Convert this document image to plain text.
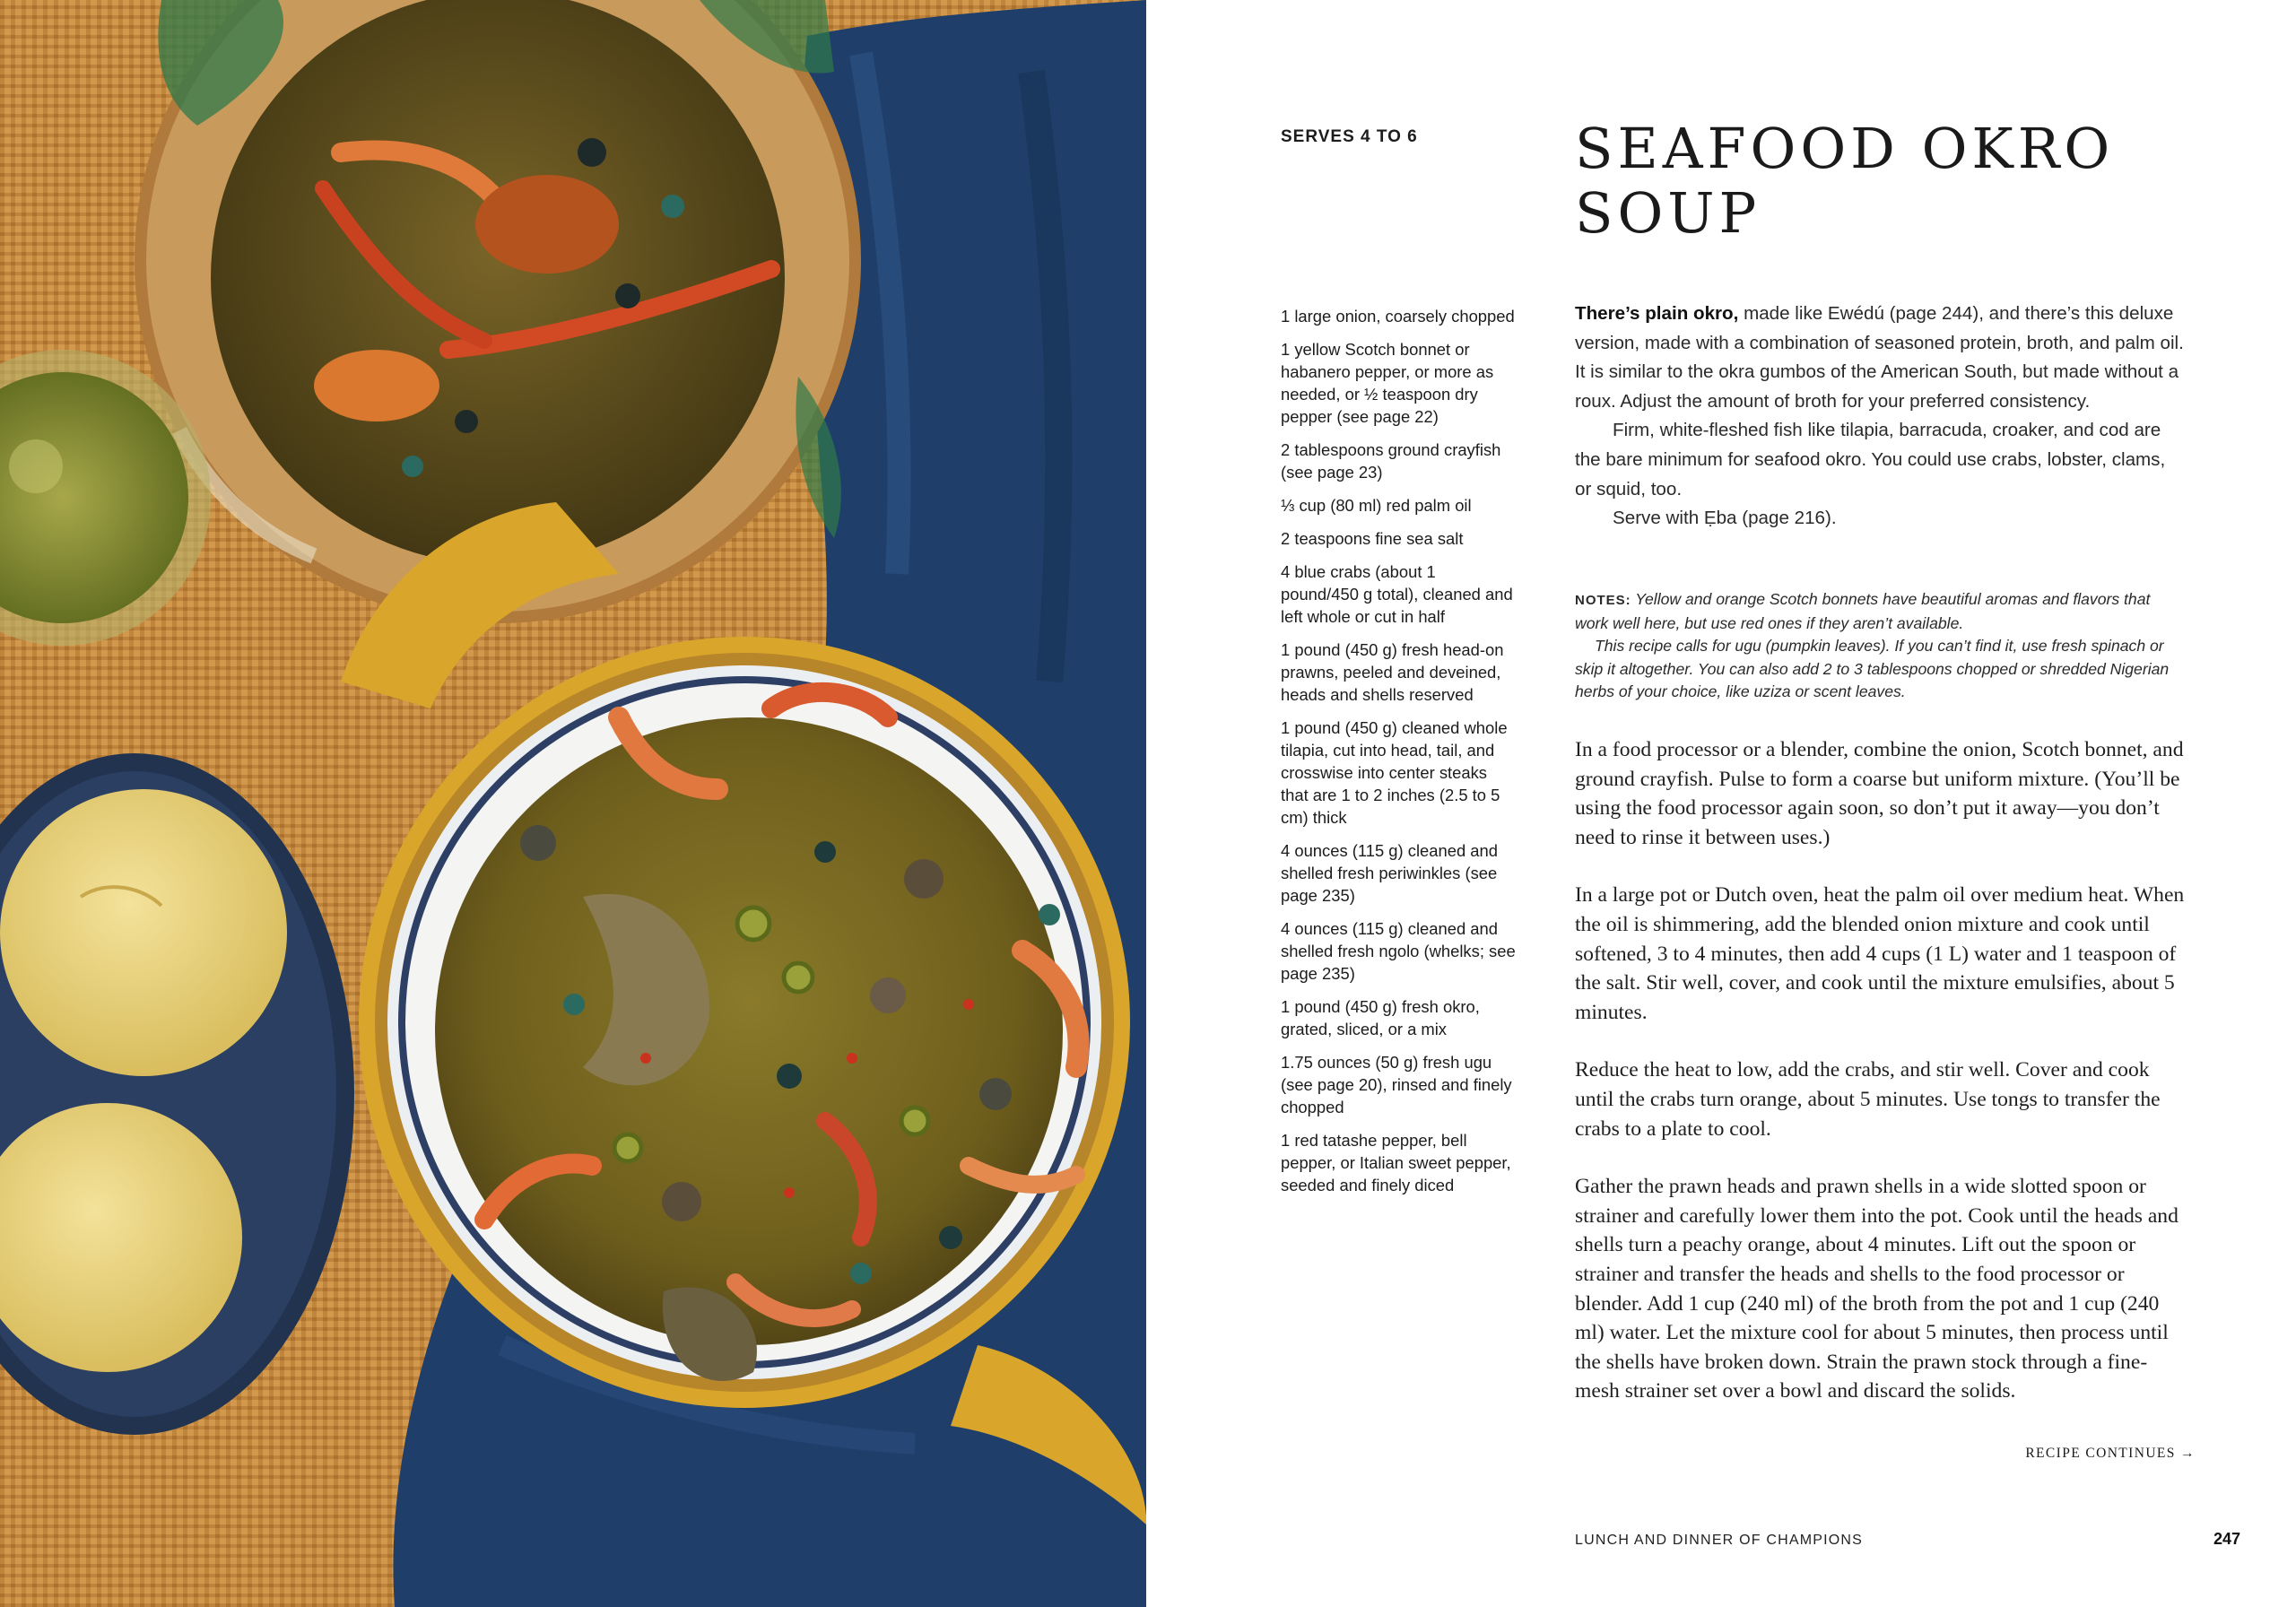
SERVES 4 TO 6	SEAFOOD OKRO SOUP
1 large onion, coarsely chopped
1 yellow Scotch bonnet or habanero pepper, or more as needed, or ½ teaspoon dry pepper (see page 22)
2 tablespoons ground crayfish (see page 23)
⅓ cup (80 ml) red palm oil
2 teaspoons fine sea salt
4 blue crabs (about 1 pound/450 g total), cleaned and left whole or cut in half
1 pound (450 g) fresh head-on prawns, peeled and deveined, heads and shells reserved
1 pound (450 g) cleaned whole tilapia, cut into head, tail, and crosswise into center steaks that are 1 to 2 inches (2.5 to 5 cm) thick
4 ounces (115 g) cleaned and shelled fresh periwinkles (see page 235)
4 ounces (115 g) cleaned and shelled fresh ngolo (whelks; see page 235)
1 pound (450 g) fresh okro, grated, sliced, or a mix
1.75 ounces (50 g) fresh ugu (see page 20), rinsed and finely chopped
1 red tatashe pepper, bell pepper, or Italian sweet pepper, seeded and finely diced

There’s plain okro, made like Ewédú (page 244), and there’s this deluxe version, made with a combination of seasoned protein, broth, and palm oil. It is similar to the okra gumbos of the American South, but made without a roux. Adjust the amount of broth for your preferred consistency.

Firm, white-fleshed fish like tilapia, barracuda, croaker, and cod are the bare minimum for seafood okro. You could use crabs, lobster, clams, or squid, too.

Serve with Ẹba (page 216).

NOTES: Yellow and orange Scotch bonnets have beautiful aromas and flavors that work well here, but use red ones if they aren’t available.

This recipe calls for ugu (pumpkin leaves). If you can’t find it, use fresh spinach or skip it altogether. You can also add 2 to 3 tablespoons chopped or shredded Nigerian herbs of your choice, like uziza or scent leaves.

In a food processor or a blender, combine the onion, Scotch bonnet, and ground crayfish. Pulse to form a coarse but uniform mixture. (You’ll be using the food processor again soon, so don’t put it away—you don’t need to rinse it between uses.)

In a large pot or Dutch oven, heat the palm oil over medium heat. When the oil is shimmering, add the blended onion mixture and cook until softened, 3 to 4 minutes, then add 4 cups (1 L) water and 1 teaspoon of the salt. Stir well, cover, and cook until the mixture emulsifies, about 5 minutes.

Reduce the heat to low, add the crabs, and stir well. Cover and cook until the crabs turn orange, about 5 minutes. Use tongs to transfer the crabs to a plate to cool.

Gather the prawn heads and prawn shells in a wide slotted spoon or strainer and carefully lower them into the pot. Cook until the heads and shells turn a peachy orange, about 4 minutes. Lift out the spoon or strainer and transfer the heads and shells to the food processor or blender. Add 1 cup (240 ml) of the broth from the pot and 1 cup (240 ml) water. Let the mixture cool for about 5 minutes, then process until the shells have broken down. Strain the prawn stock through a fine-mesh strainer set over a bowl and discard the solids.

RECIPE CONTINUES →
LUNCH AND DINNER OF CHAMPIONS	247
